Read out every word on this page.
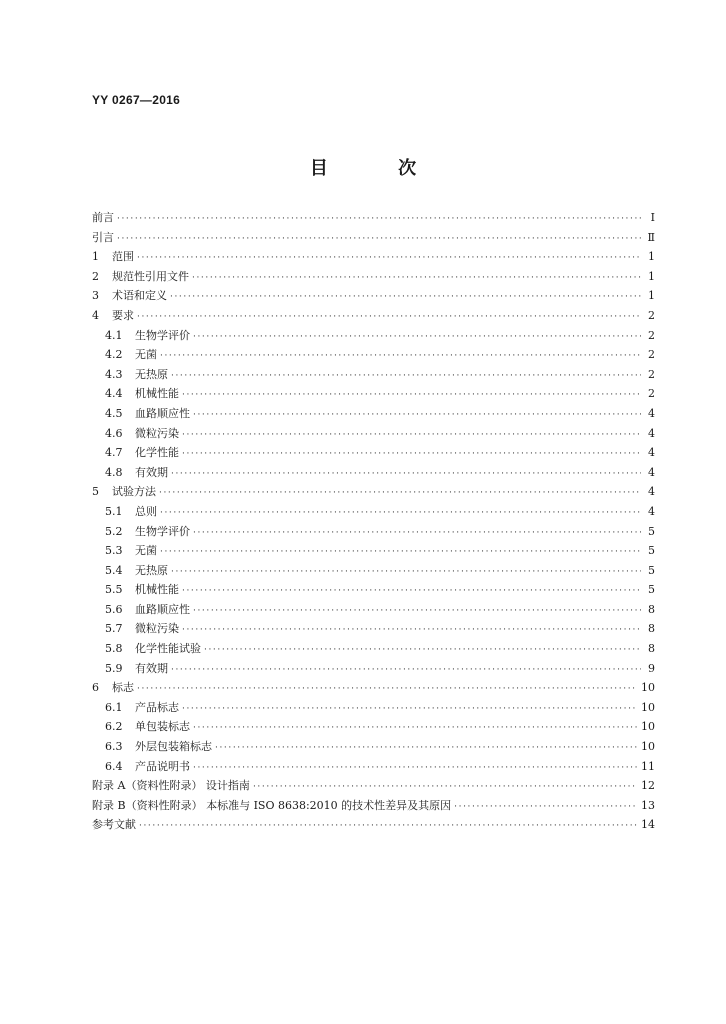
YY 0267—2016
目 次
前言 ·····	Ⅰ
引言 ·····	Ⅱ
1	范围 ·····	1
2	规范性引用文件 ·····	1
3	术语和定义 ·····	1
4	要求 ·····	2
4.1	生物学评价 ·····	2
4.2	无菌 ·····	2
4.3	无热原 ·····	2
4.4	机械性能 ·····	2
4.5	血路顺应性 ·····	4
4.6	微粒污染 ·····	4
4.7	化学性能 ·····	4
4.8	有效期 ·····	4
5	试验方法 ·····	4
5.1	总则 ·····	4
5.2	生物学评价 ·····	5
5.3	无菌 ·····	5
5.4	无热原 ·····	5
5.5	机械性能 ·····	5
5.6	血路顺应性 ·····	8
5.7	微粒污染 ·····	8
5.8	化学性能试验 ·····	8
5.9	有效期 ·····	9
6	标志 ·····	10
6.1	产品标志 ·····	10
6.2	单包装标志 ·····	10
6.3	外层包装箱标志 ·····	10
6.4	产品说明书 ·····	11
附录 A（资料性附录） 设计指南 ·····	12
附录 B（资料性附录） 本标准与 ISO 8638:2010 的技术性差异及其原因 ·····	13
参考文献 ·····	14
